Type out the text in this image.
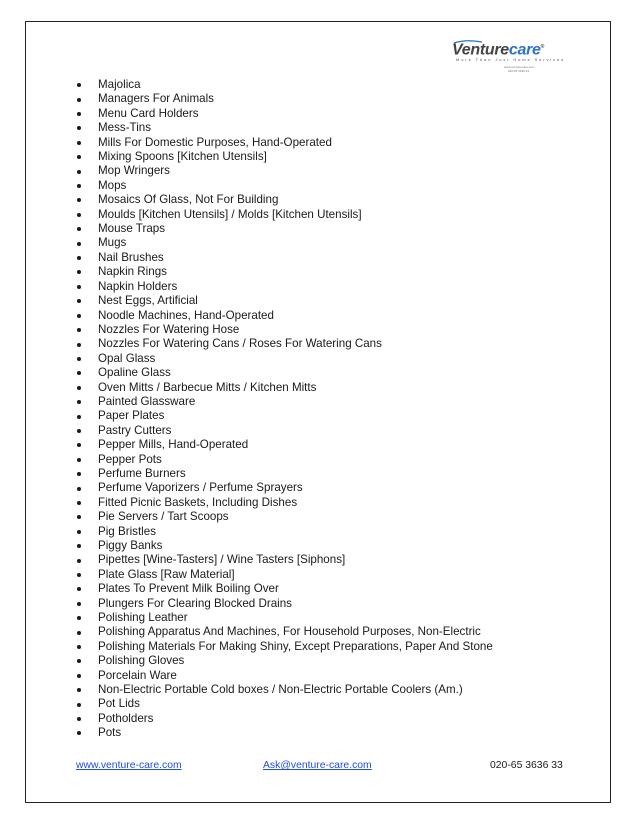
Venturecare®
More Than Just Home Services
www.venture-care.com
020-65 3636 33
Majolica
Managers For Animals
Menu Card Holders
Mess-Tins
Mills For Domestic Purposes, Hand-Operated
Mixing Spoons [Kitchen Utensils]
Mop Wringers
Mops
Mosaics Of Glass, Not For Building
Moulds [Kitchen Utensils] / Molds [Kitchen Utensils]
Mouse Traps
Mugs
Nail Brushes
Napkin Rings
Napkin Holders
Nest Eggs, Artificial
Noodle Machines, Hand-Operated
Nozzles For Watering Hose
Nozzles For Watering Cans / Roses For Watering Cans
Opal Glass
Opaline Glass
Oven Mitts / Barbecue Mitts / Kitchen Mitts
Painted Glassware
Paper Plates
Pastry Cutters
Pepper Mills, Hand-Operated
Pepper Pots
Perfume Burners
Perfume Vaporizers / Perfume Sprayers
Fitted Picnic Baskets, Including Dishes
Pie Servers / Tart Scoops
Pig Bristles
Piggy Banks
Pipettes [Wine-Tasters] / Wine Tasters [Siphons]
Plate Glass [Raw Material]
Plates To Prevent Milk Boiling Over
Plungers For Clearing Blocked Drains
Polishing Leather
Polishing Apparatus And Machines, For Household Purposes, Non-Electric
Polishing Materials For Making Shiny, Except Preparations, Paper And Stone
Polishing Gloves
Porcelain Ware
Non-Electric Portable Cold boxes / Non-Electric Portable Coolers (Am.)
Pot Lids
Potholders
Pots
www.venture-care.com	Ask@venture-care.com	020-65 3636 33
